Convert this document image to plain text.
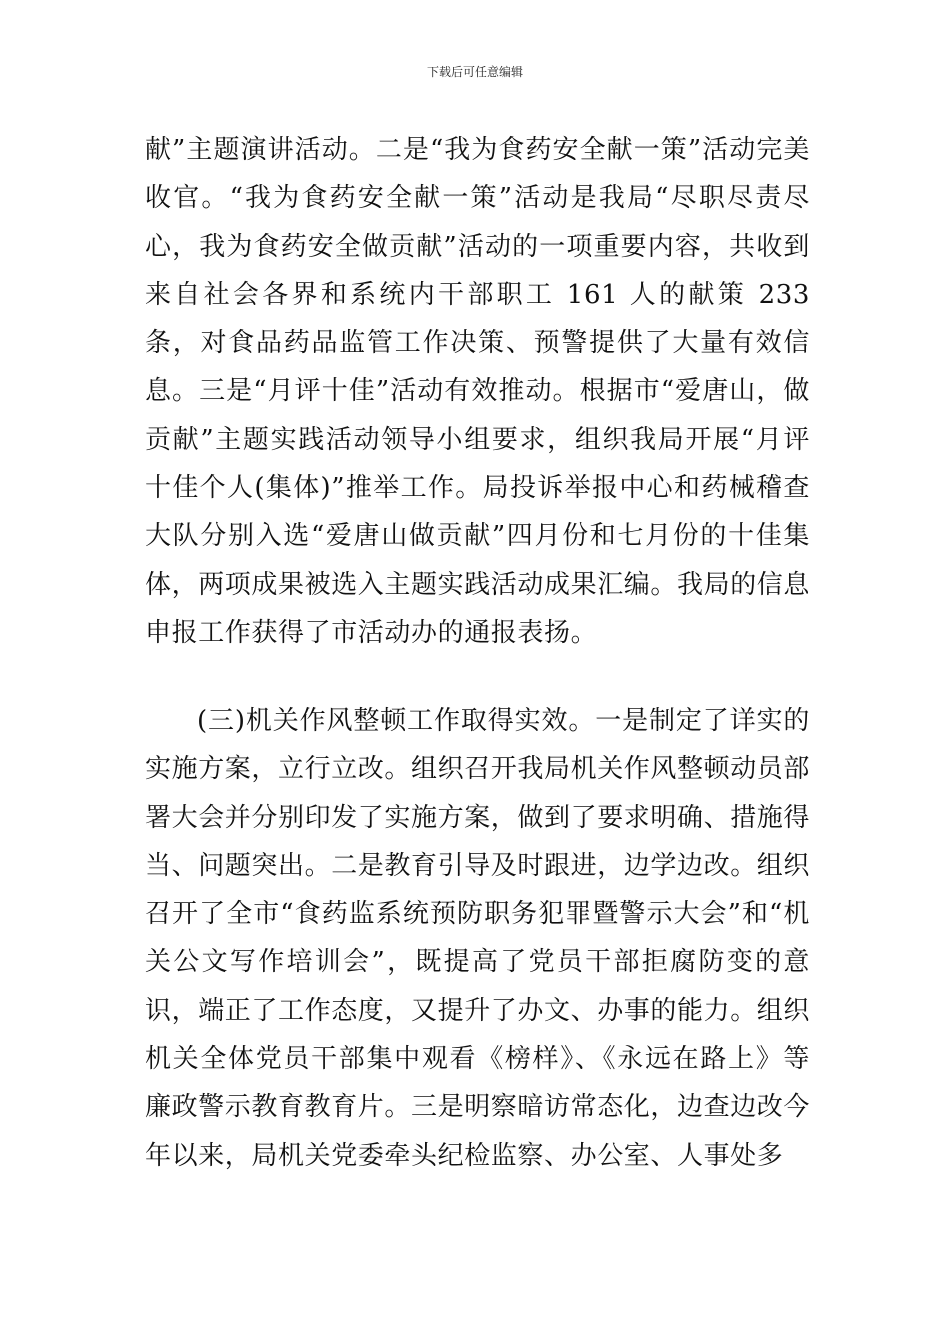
下载后可任意编辑

献”主题演讲活动。二是“我为食药安全献一策”活动完美收官。“我为食药安全献一策”活动是我局“尽职尽责尽心，我为食药安全做贡献”活动的一项重要内容，共收到来自社会各界和系统内干部职工 161 人的献策 233 条，对食品药品监管工作决策、预警提供了大量有效信息。三是“月评十佳”活动有效推动。根据市“爱唐山，做贡献”主题实践活动领导小组要求，组织我局开展“月评十佳个人(集体)”推举工作。局投诉举报中心和药械稽查大队分别入选“爱唐山做贡献”四月份和七月份的十佳集体，两项成果被选入主题实践活动成果汇编。我局的信息申报工作获得了市活动办的通报表扬。

(三)机关作风整顿工作取得实效。一是制定了详实的实施方案，立行立改。组织召开我局机关作风整顿动员部署大会并分别印发了实施方案，做到了要求明确、措施得当、问题突出。二是教育引导及时跟进，边学边改。组织召开了全市“食药监系统预防职务犯罪暨警示大会”和“机关公文写作培训会”，既提高了党员干部拒腐防变的意识，端正了工作态度，又提升了办文、办事的能力。组织机关全体党员干部集中观看《榜样》、《永远在路上》等廉政警示教育教育片。三是明察暗访常态化，边查边改今年以来，局机关党委牵头纪检监察、办公室、人事处多
